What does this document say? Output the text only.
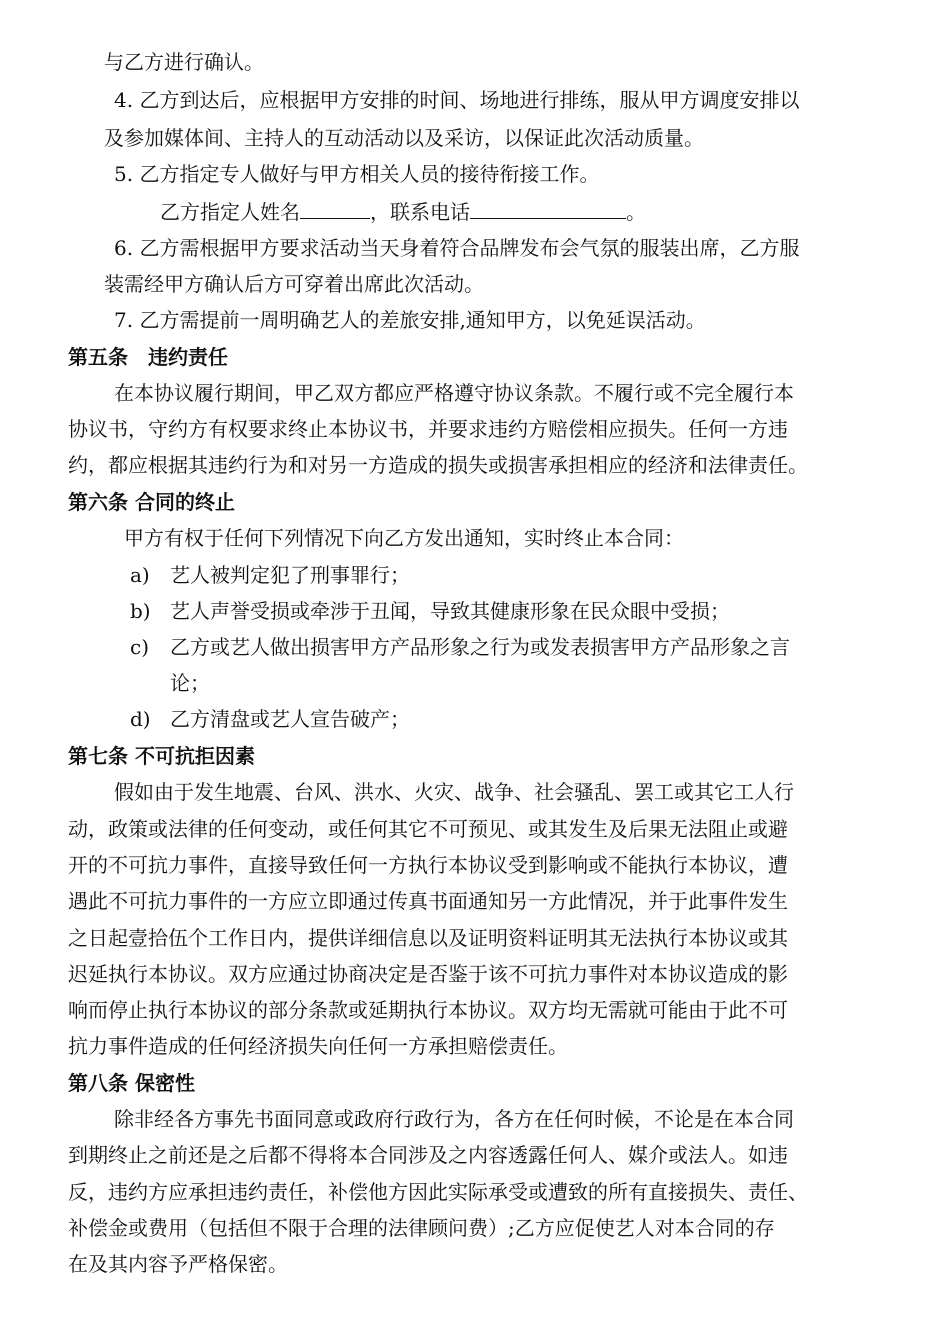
与乙方进行确认。
4. 乙方到达后，应根据甲方安排的时间、场地进行排练，服从甲方调度安排以
及参加媒体间、主持人的互动活动以及采访，以保证此次活动质量。
5. 乙方指定专人做好与甲方相关人员的接待衔接工作。
乙方指定人姓名	，联系电话	。
6. 乙方需根据甲方要求活动当天身着符合品牌发布会气氛的服装出席，乙方服
装需经甲方确认后方可穿着出席此次活动。
7. 乙方需提前一周明确艺人的差旅安排,通知甲方，以免延误活动。
第五条　违约责任
在本协议履行期间，甲乙双方都应严格遵守协议条款。不履行或不完全履行本
协议书，守约方有权要求终止本协议书，并要求违约方赔偿相应损失。任何一方违
约，都应根据其违约行为和对另一方造成的损失或损害承担相应的经济和法律责任。
第六条 合同的终止
甲方有权于任何下列情况下向乙方发出通知，实时终止本合同：
a) 艺人被判定犯了刑事罪行；
b) 艺人声誉受损或牵涉于丑闻，导致其健康形象在民众眼中受损；
c) 乙方或艺人做出损害甲方产品形象之行为或发表损害甲方产品形象之言
论；
d) 乙方清盘或艺人宣告破产；
第七条 不可抗拒因素
假如由于发生地震、台风、洪水、火灾、战争、社会骚乱、罢工或其它工人行
动，政策或法律的任何变动，或任何其它不可预见、或其发生及后果无法阻止或避
开的不可抗力事件，直接导致任何一方执行本协议受到影响或不能执行本协议，遭
遇此不可抗力事件的一方应立即通过传真书面通知另一方此情况，并于此事件发生
之日起壹拾伍个工作日内，提供详细信息以及证明资料证明其无法执行本协议或其
迟延执行本协议。双方应通过协商决定是否鉴于该不可抗力事件对本协议造成的影
响而停止执行本协议的部分条款或延期执行本协议。双方均无需就可能由于此不可
抗力事件造成的任何经济损失向任何一方承担赔偿责任。
第八条 保密性
除非经各方事先书面同意或政府行政行为，各方在任何时候，不论是在本合同
到期终止之前还是之后都不得将本合同涉及之内容透露任何人、媒介或法人。如违
反，违约方应承担违约责任，补偿他方因此实际承受或遭致的所有直接损失、责任、
补偿金或费用（包括但不限于合理的法律顾问费）;乙方应促使艺人对本合同的存
在及其内容予严格保密。
